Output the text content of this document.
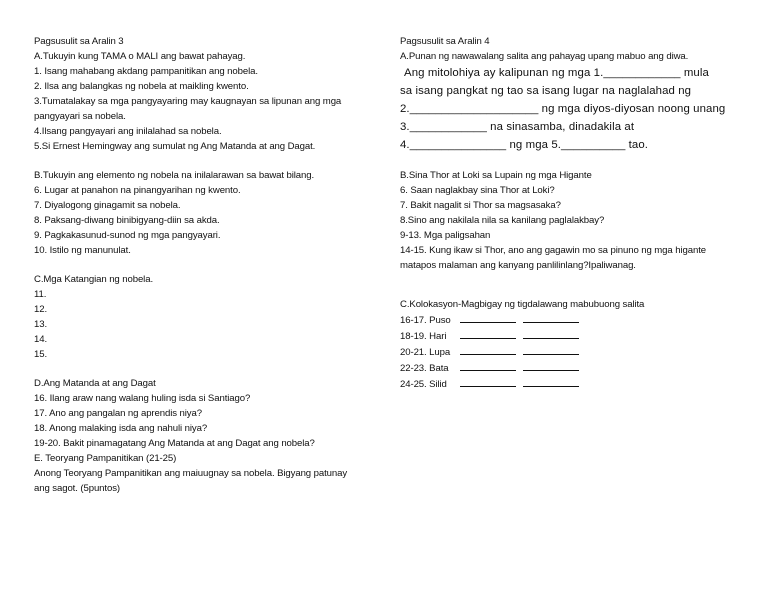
Pagsusulit sa Aralin 3
A.Tukuyin kung TAMA o MALI ang bawat pahayag.
1. Isang mahabang akdang pampanitikan ang nobela.
2. Ilsa ang balangkas ng nobela at maikling kwento.
3.Tumatalakay sa mga pangyayaring may kaugnayan sa lipunan ang mga pangyayari sa nobela.
4.Ilsang pangyayari ang inilalahad sa nobela.
5.Si Ernest Hemingway ang sumulat ng Ang Matanda at ang Dagat.
B.Tukuyin ang elemento ng nobela na inilalarawan sa bawat bilang.
6. Lugar at panahon na pinangyarihan ng kwento.
7. Diyalogong ginagamit sa nobela.
8. Paksang-diwang binibigyang-diin sa akda.
9. Pagkakasunud-sunod ng mga pangyayari.
10. Istilo ng manunulat.
C.Mga Katangian ng nobela.
11.
12.
13.
14.
15.
D.Ang Matanda at ang Dagat
16. Ilang araw nang walang huling isda si Santiago?
17. Ano ang pangalan ng aprendis niya?
18. Anong malaking isda ang nahuli niya?
19-20. Bakit pinamagatang Ang Matanda at ang Dagat ang nobela?
E. Teoryang Pampanitikan (21-25)
Anong Teoryang Pampanitikan ang maiuugnay sa nobela. Bigyang patunay ang sagot. (5puntos)
Pagsusulit sa Aralin 4
A.Punan ng nawawalang salita ang pahayag upang mabuo ang diwa.
Ang mitolohiya ay kalipunan ng mga 1.____________ mula
sa isang pangkat ng tao sa isang lugar na naglalahad ng
2.____________________ ng mga diyos-diyosan noong unang
3.____________ na sinasamba, dinadakila at
4._______________ ng mga 5.__________ tao.
B.Sina Thor at Loki sa Lupain ng mga Higante
6. Saan naglakbay sina Thor at Loki?
7. Bakit nagalit si Thor sa magsasaka?
8.Sino ang nakilala nila sa kanilang paglalakbay?
9-13. Mga paligsahan
14-15. Kung ikaw si Thor, ano ang gagawin mo sa pinuno ng mga higante matapos malaman ang kanyang panlilinlang?Ipaliwanag.
C.Kolokasyon-Magbigay ng tigdalawang mabubuong salita
16-17. Puso
18-19. Hari
20-21. Lupa
22-23. Bata
24-25. Silid
